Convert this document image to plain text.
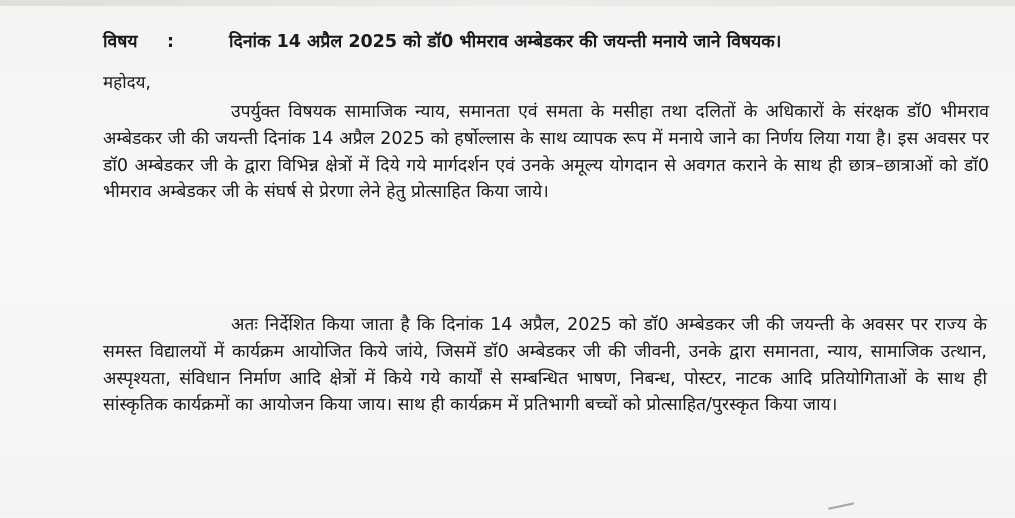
विषय :	दिनांक 14 अप्रैल 2025 को डॉ0 भीमराव अम्बेडकर की जयन्ती मनाये जाने विषयक।
महोदय,

उपर्युक्त विषयक सामाजिक न्याय, समानता एवं समता के मसीहा तथा दलितों के अधिकारों के संरक्षक डॉ0 भीमराव अम्बेडकर जी की जयन्ती दिनांक 14 अप्रैल 2025 को हर्षोल्लास के साथ व्यापक रूप में मनाये जाने का निर्णय लिया गया है। इस अवसर पर डॉ0 अम्बेडकर जी के द्वारा विभिन्न क्षेत्रों में दिये गये मार्गदर्शन एवं उनके अमूल्य योगदान से अवगत कराने के साथ ही छात्र–छात्राओं को डॉ0 भीमराव अम्बेडकर जी के संघर्ष से प्रेरणा लेने हेतु प्रोत्साहित किया जाये।

अतः निर्देशित किया जाता है कि दिनांक 14 अप्रैल, 2025 को डॉ0 अम्बेडकर जी की जयन्ती के अवसर पर राज्य के समस्त विद्यालयों में कार्यक्रम आयोजित किये जांये, जिसमें डॉ0 अम्बेडकर जी की जीवनी, उनके द्वारा समानता, न्याय, सामाजिक उत्थान, अस्पृश्यता, संविधान निर्माण आदि क्षेत्रों में किये गये कार्यों से सम्बन्धित भाषण, निबन्ध, पोस्टर, नाटक आदि प्रतियोगिताओं के साथ ही सांस्कृतिक कार्यक्रमों का आयोजन किया जाय। साथ ही कार्यक्रम में प्रतिभागी बच्चों को प्रोत्साहित/पुरस्कृत किया जाय।
